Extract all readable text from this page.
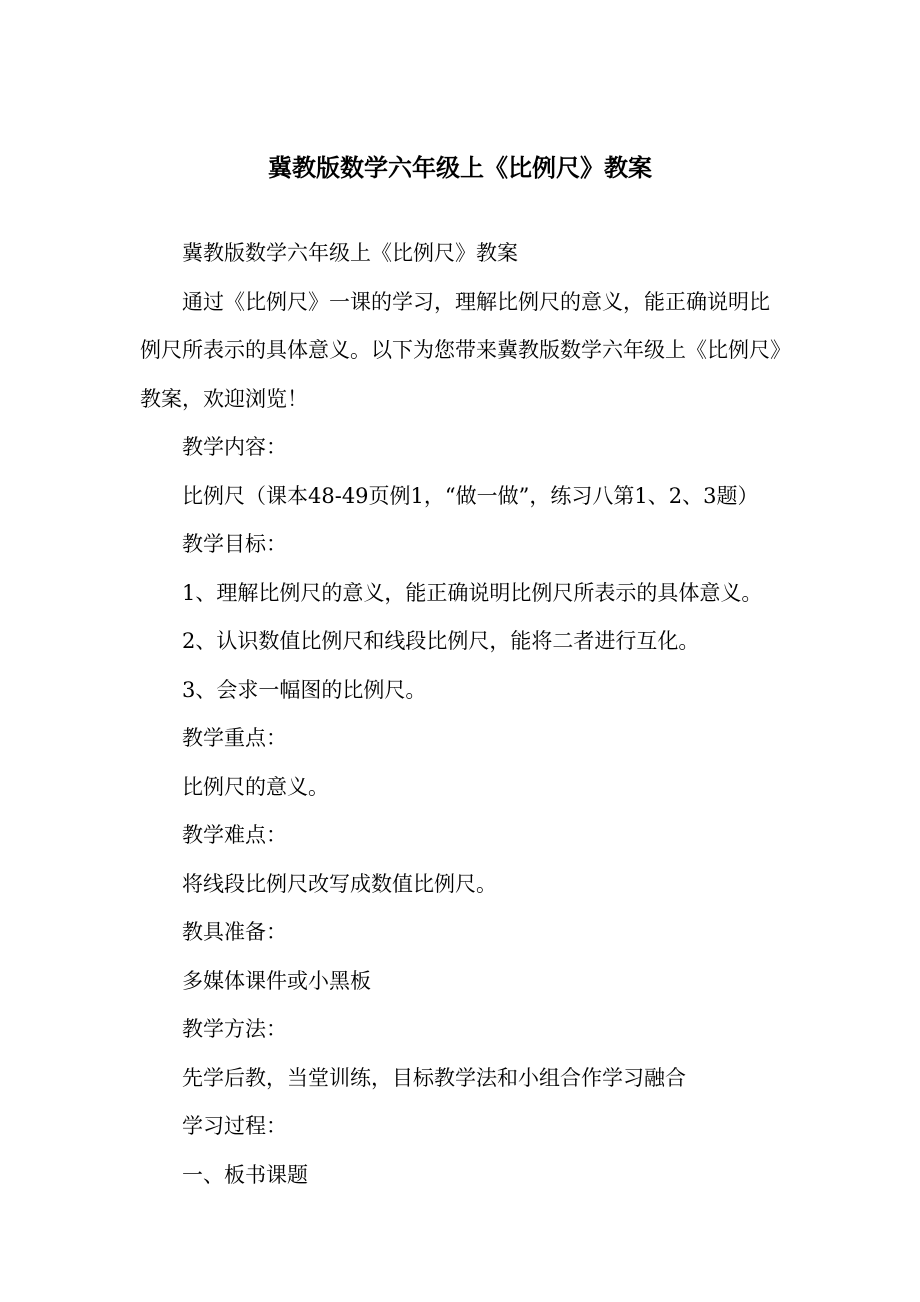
冀教版数学六年级上《比例尺》教案

冀教版数学六年级上《比例尺》教案

通过《比例尺》一课的学习，理解比例尺的意义，能正确说明比例尺所表示的具体意义。以下为您带来冀教版数学六年级上《比例尺》教案，欢迎浏览！

教学内容：

比例尺（课本48-49页例1，“做一做”，练习八第1、2、3题）

教学目标：

1、理解比例尺的意义，能正确说明比例尺所表示的具体意义。

2、认识数值比例尺和线段比例尺，能将二者进行互化。

3、会求一幅图的比例尺。

教学重点：

比例尺的意义。

教学难点：

将线段比例尺改写成数值比例尺。

教具准备：

多媒体课件或小黑板

教学方法：

先学后教，当堂训练，目标教学法和小组合作学习融合

学习过程：

一、板书课题
